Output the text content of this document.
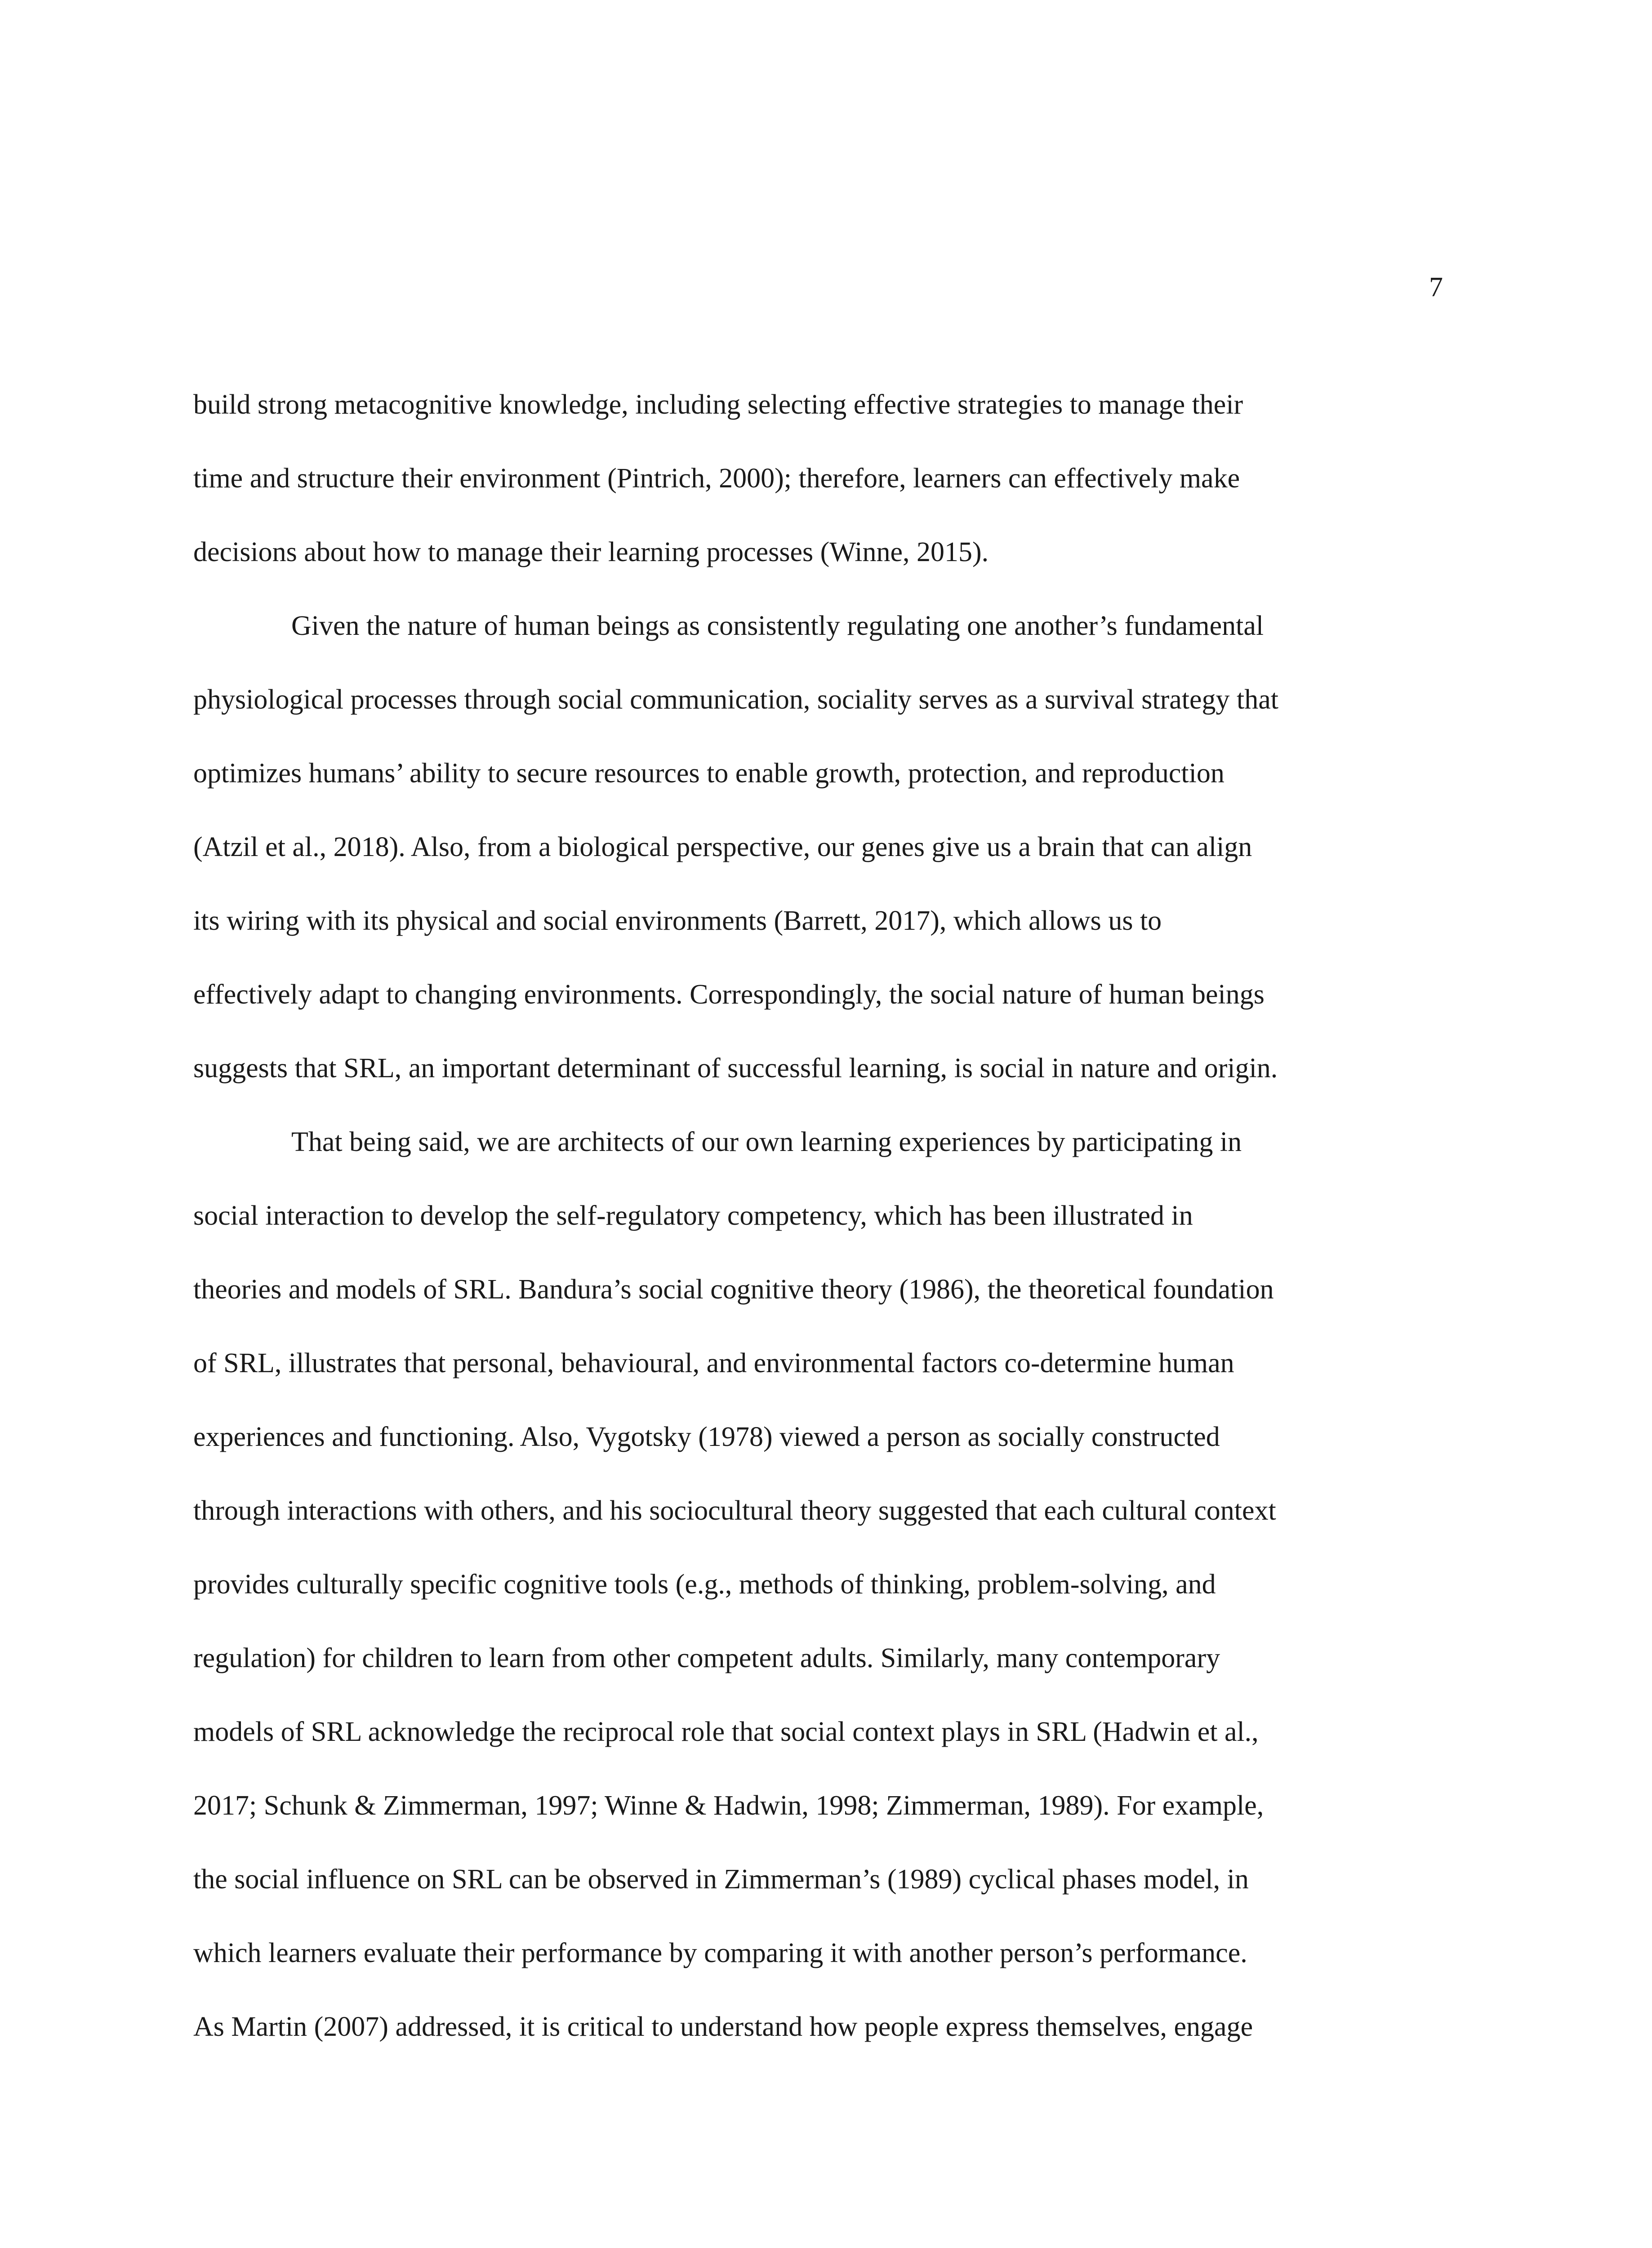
7
build strong metacognitive knowledge, including selecting effective strategies to manage their
time and structure their environment (Pintrich, 2000); therefore, learners can effectively make
decisions about how to manage their learning processes (Winne, 2015).
Given the nature of human beings as consistently regulating one another’s fundamental
physiological processes through social communication, sociality serves as a survival strategy that
optimizes humans’ ability to secure resources to enable growth, protection, and reproduction
(Atzil et al., 2018). Also, from a biological perspective, our genes give us a brain that can align
its wiring with its physical and social environments (Barrett, 2017), which allows us to
effectively adapt to changing environments. Correspondingly, the social nature of human beings
suggests that SRL, an important determinant of successful learning, is social in nature and origin.
That being said, we are architects of our own learning experiences by participating in
social interaction to develop the self-regulatory competency, which has been illustrated in
theories and models of SRL. Bandura’s social cognitive theory (1986), the theoretical foundation
of SRL, illustrates that personal, behavioural, and environmental factors co-determine human
experiences and functioning. Also, Vygotsky (1978) viewed a person as socially constructed
through interactions with others, and his sociocultural theory suggested that each cultural context
provides culturally specific cognitive tools (e.g., methods of thinking, problem-solving, and
regulation) for children to learn from other competent adults. Similarly, many contemporary
models of SRL acknowledge the reciprocal role that social context plays in SRL (Hadwin et al.,
2017; Schunk & Zimmerman, 1997; Winne & Hadwin, 1998; Zimmerman, 1989). For example,
the social influence on SRL can be observed in Zimmerman’s (1989) cyclical phases model, in
which learners evaluate their performance by comparing it with another person’s performance.
As Martin (2007) addressed, it is critical to understand how people express themselves, engage
